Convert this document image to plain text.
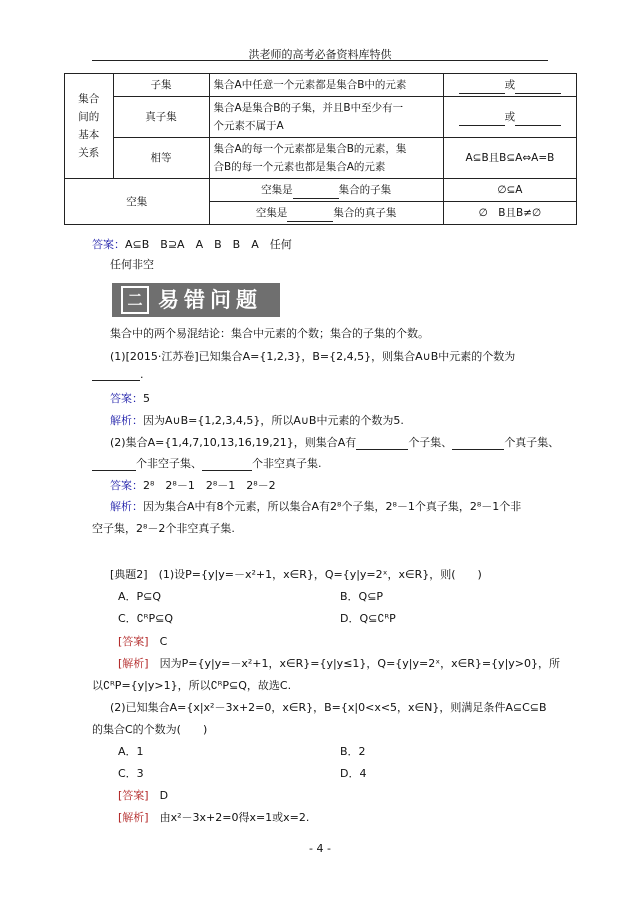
洪老师的高考必备资料库特供
集合
间的
基本
关系	子集	集合A中任意一个元素都是集合B中的元素	或
	真子集	集合A是集合B的子集，并且B中至少有一
个元素不属于A	或
	相等	集合A的每一个元素都是集合B的元素，集
合B的每一个元素也都是集合A的元素	A⊆B且B⊆A⇔A=B
空集		空集是 集合的子集	∅⊆A
		空集是 集合的真子集	∅　B且B≠∅
答案：A⊆B　B⊇A　A　B　B　A　任何
任何非空
二 易错问题
集合中的两个易混结论：集合中元素的个数；集合的子集的个数。
(1)[2015·江苏卷]已知集合A={1,2,3}，B={2,4,5}，则集合A∪B中元素的个数为
.
答案：5
解析：因为A∪B={1,2,3,4,5}，所以A∪B中元素的个数为5.
(2)集合A={1,4,7,10,13,16,19,21}，则集合A有	个子集、	个真子集、
个非空子集、	个非空真子集.
答案：2⁸　2⁸－1　2⁸－1　2⁸－2
解析：因为集合A中有8个元素，所以集合A有2⁸个子集，2⁸－1个真子集，2⁸－1个非
空子集，2⁸－2个非空真子集.
[典题2]　 (1)设P={y|y=－x²+1，x∈R}，Q={y|y=2ˣ，x∈R}，则(　　)
A．P⊆Q	B．Q⊆P
C．∁ᴿP⊆Q	D．Q⊆∁ᴿP
[答案]　 C
[解析]　 因为P={y|y=－x²+1，x∈R}={y|y≤1}，Q={y|y=2ˣ，x∈R}={y|y>0}，所
以∁ᴿP={y|y>1}，所以∁ᴿP⊆Q，故选C.
(2)已知集合A={x|x²－3x+2=0，x∈R}，B={x|0<x<5，x∈N}，则满足条件A⊆C⊆B
的集合C的个数为(　　)
A．1	B．2
C．3	D．4
[答案]　 D
[解析]　 由x²－3x+2=0得x=1或x=2.
- 4 -
